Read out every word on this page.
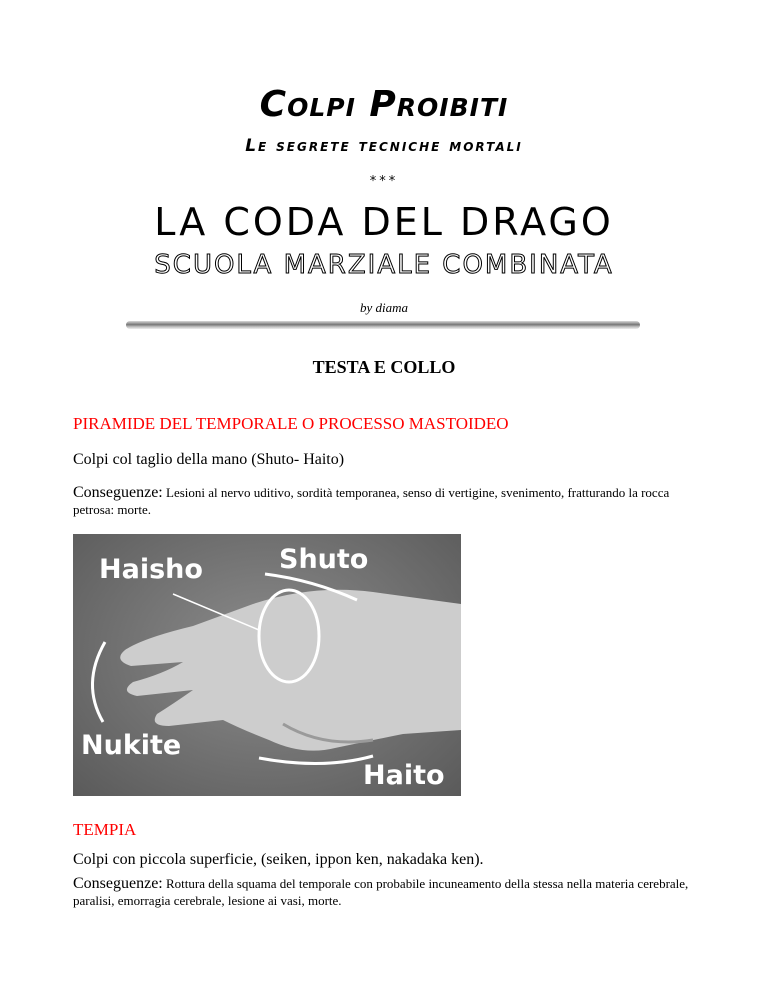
Colpi Proibiti
Le segrete tecniche mortali
***
LA CODA DEL DRAGO
SCUOLA MARZIALE COMBINATA
by diama
TESTA E COLLO
PIRAMIDE DEL TEMPORALE O PROCESSO MASTOIDEO
Colpi col taglio della mano (Shuto- Haito)
Conseguenze: Lesioni al nervo uditivo, sordità temporanea, senso di vertigine, svenimento, fratturando la rocca petrosa: morte.
Haisho	Shuto
Nukite
Haito
TEMPIA
Colpi con piccola superficie, (seiken, ippon ken, nakadaka ken).
Conseguenze: Rottura della squama del temporale con probabile incuneamento della stessa nella materia cerebrale, paralisi, emorragia cerebrale, lesione ai vasi, morte.
